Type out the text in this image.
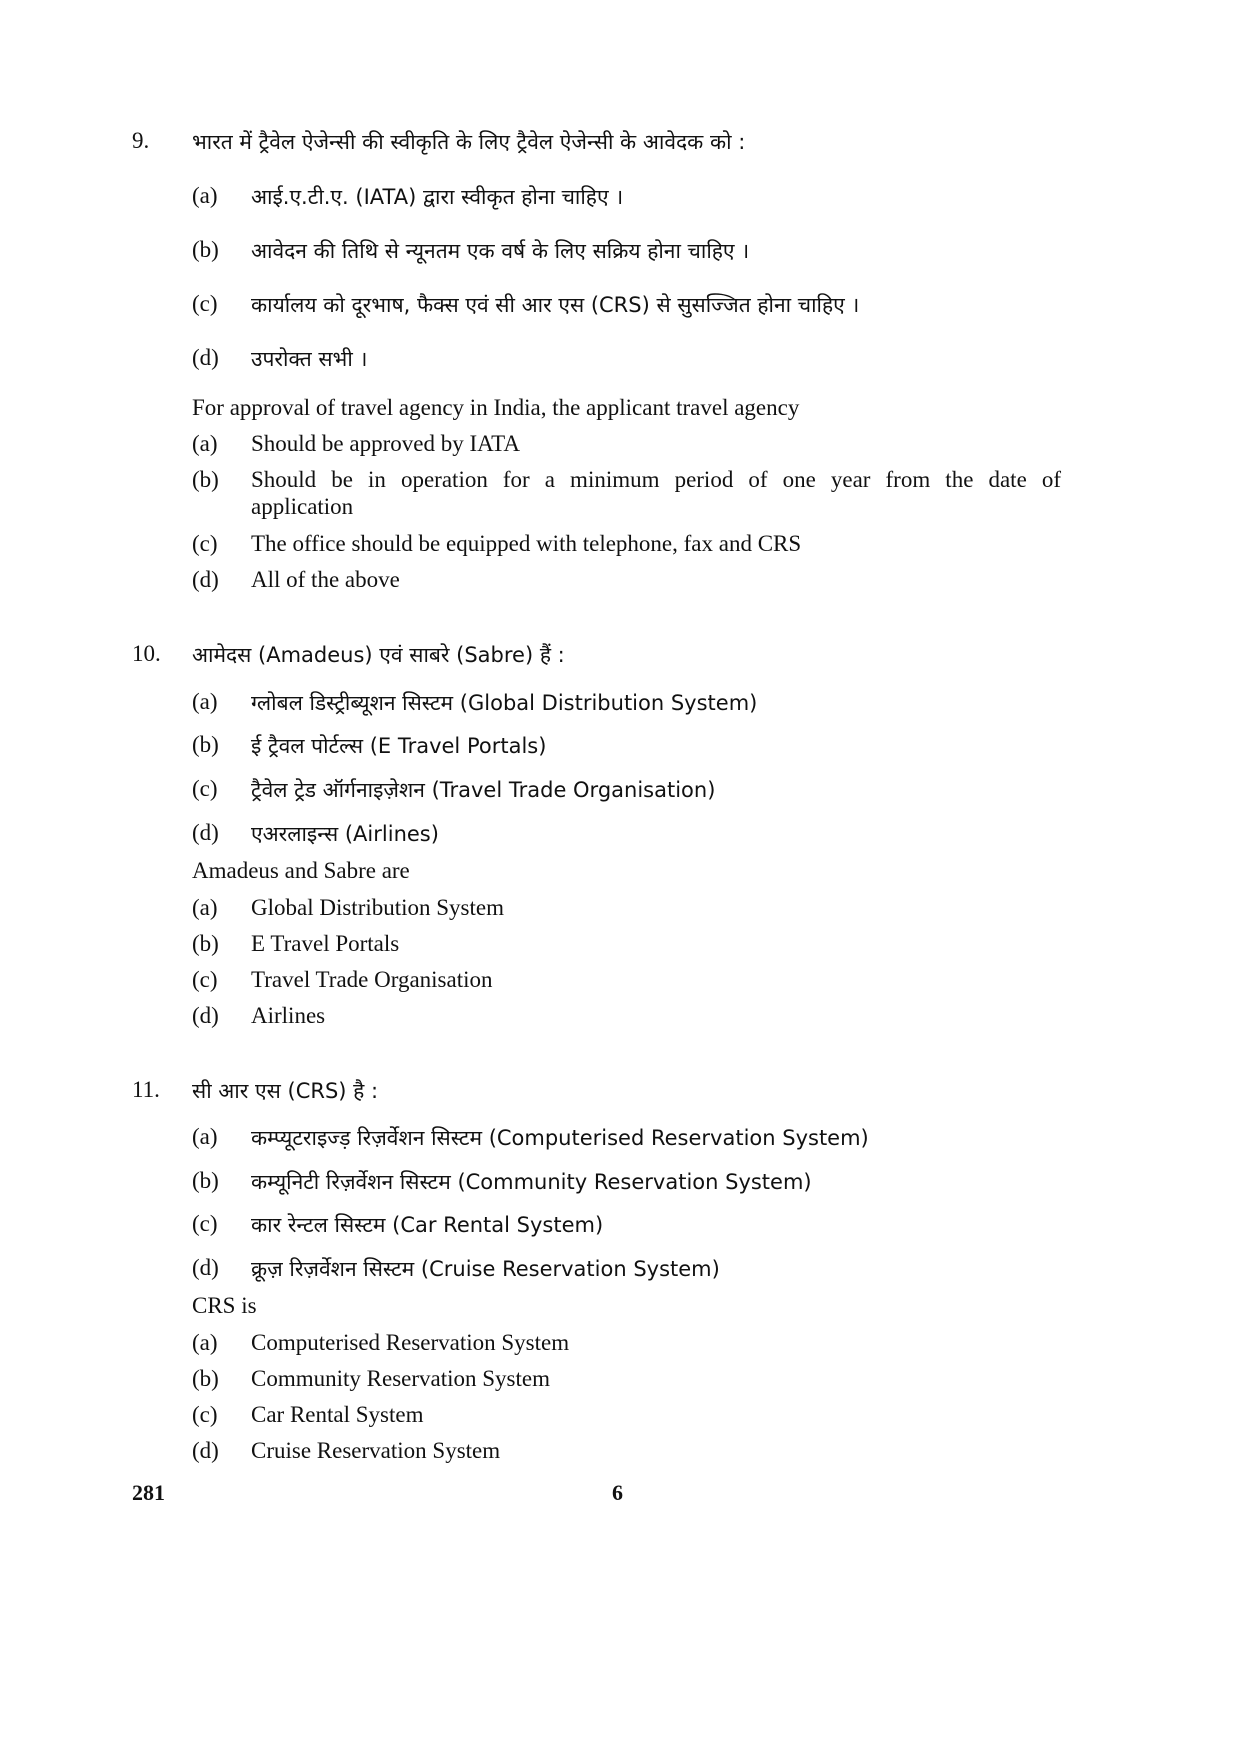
9.	भारत में ट्रैवेल ऐजेन्सी की स्वीकृति के लिए ट्रैवेल ऐजेन्सी के आवेदक को :
(a)	आई.ए.टी.ए. (IATA) द्वारा स्वीकृत होना चाहिए ।
(b)	आवेदन की तिथि से न्यूनतम एक वर्ष के लिए सक्रिय होना चाहिए ।
(c)	कार्यालय को दूरभाष, फैक्स एवं सी आर एस (CRS) से सुसज्जित होना चाहिए ।
(d)	उपरोक्त सभी ।
For approval of travel agency in India, the applicant travel agency
(a)	Should be approved by IATA
(b)	Should be in operation for a minimum period of one year from the date of
application
(c)	The office should be equipped with telephone, fax and CRS
(d)	All of the above
10.	आमेदस (Amadeus) एवं साबरे (Sabre) हैं :
(a)	ग्लोबल डिस्ट्रीब्यूशन सिस्टम (Global Distribution System)
(b)	ई ट्रैवल पोर्टल्स (E Travel Portals)
(c)	ट्रैवेल ट्रेड ऑर्गनाइज़ेशन (Travel Trade Organisation)
(d)	एअरलाइन्स (Airlines)
Amadeus and Sabre are
(a)	Global Distribution System
(b)	E Travel Portals
(c)	Travel Trade Organisation
(d)	Airlines
11.	सी आर एस (CRS) है :
(a)	कम्प्यूटराइज्ड़ रिज़र्वेशन सिस्टम (Computerised Reservation System)
(b)	कम्यूनिटी रिज़र्वेशन सिस्टम (Community Reservation System)
(c)	कार रेन्टल सिस्टम (Car Rental System)
(d)	क्रूज़ रिज़र्वेशन सिस्टम (Cruise Reservation System)
CRS is
(a)	Computerised Reservation System
(b)	Community Reservation System
(c)	Car Rental System
(d)	Cruise Reservation System
281	6
